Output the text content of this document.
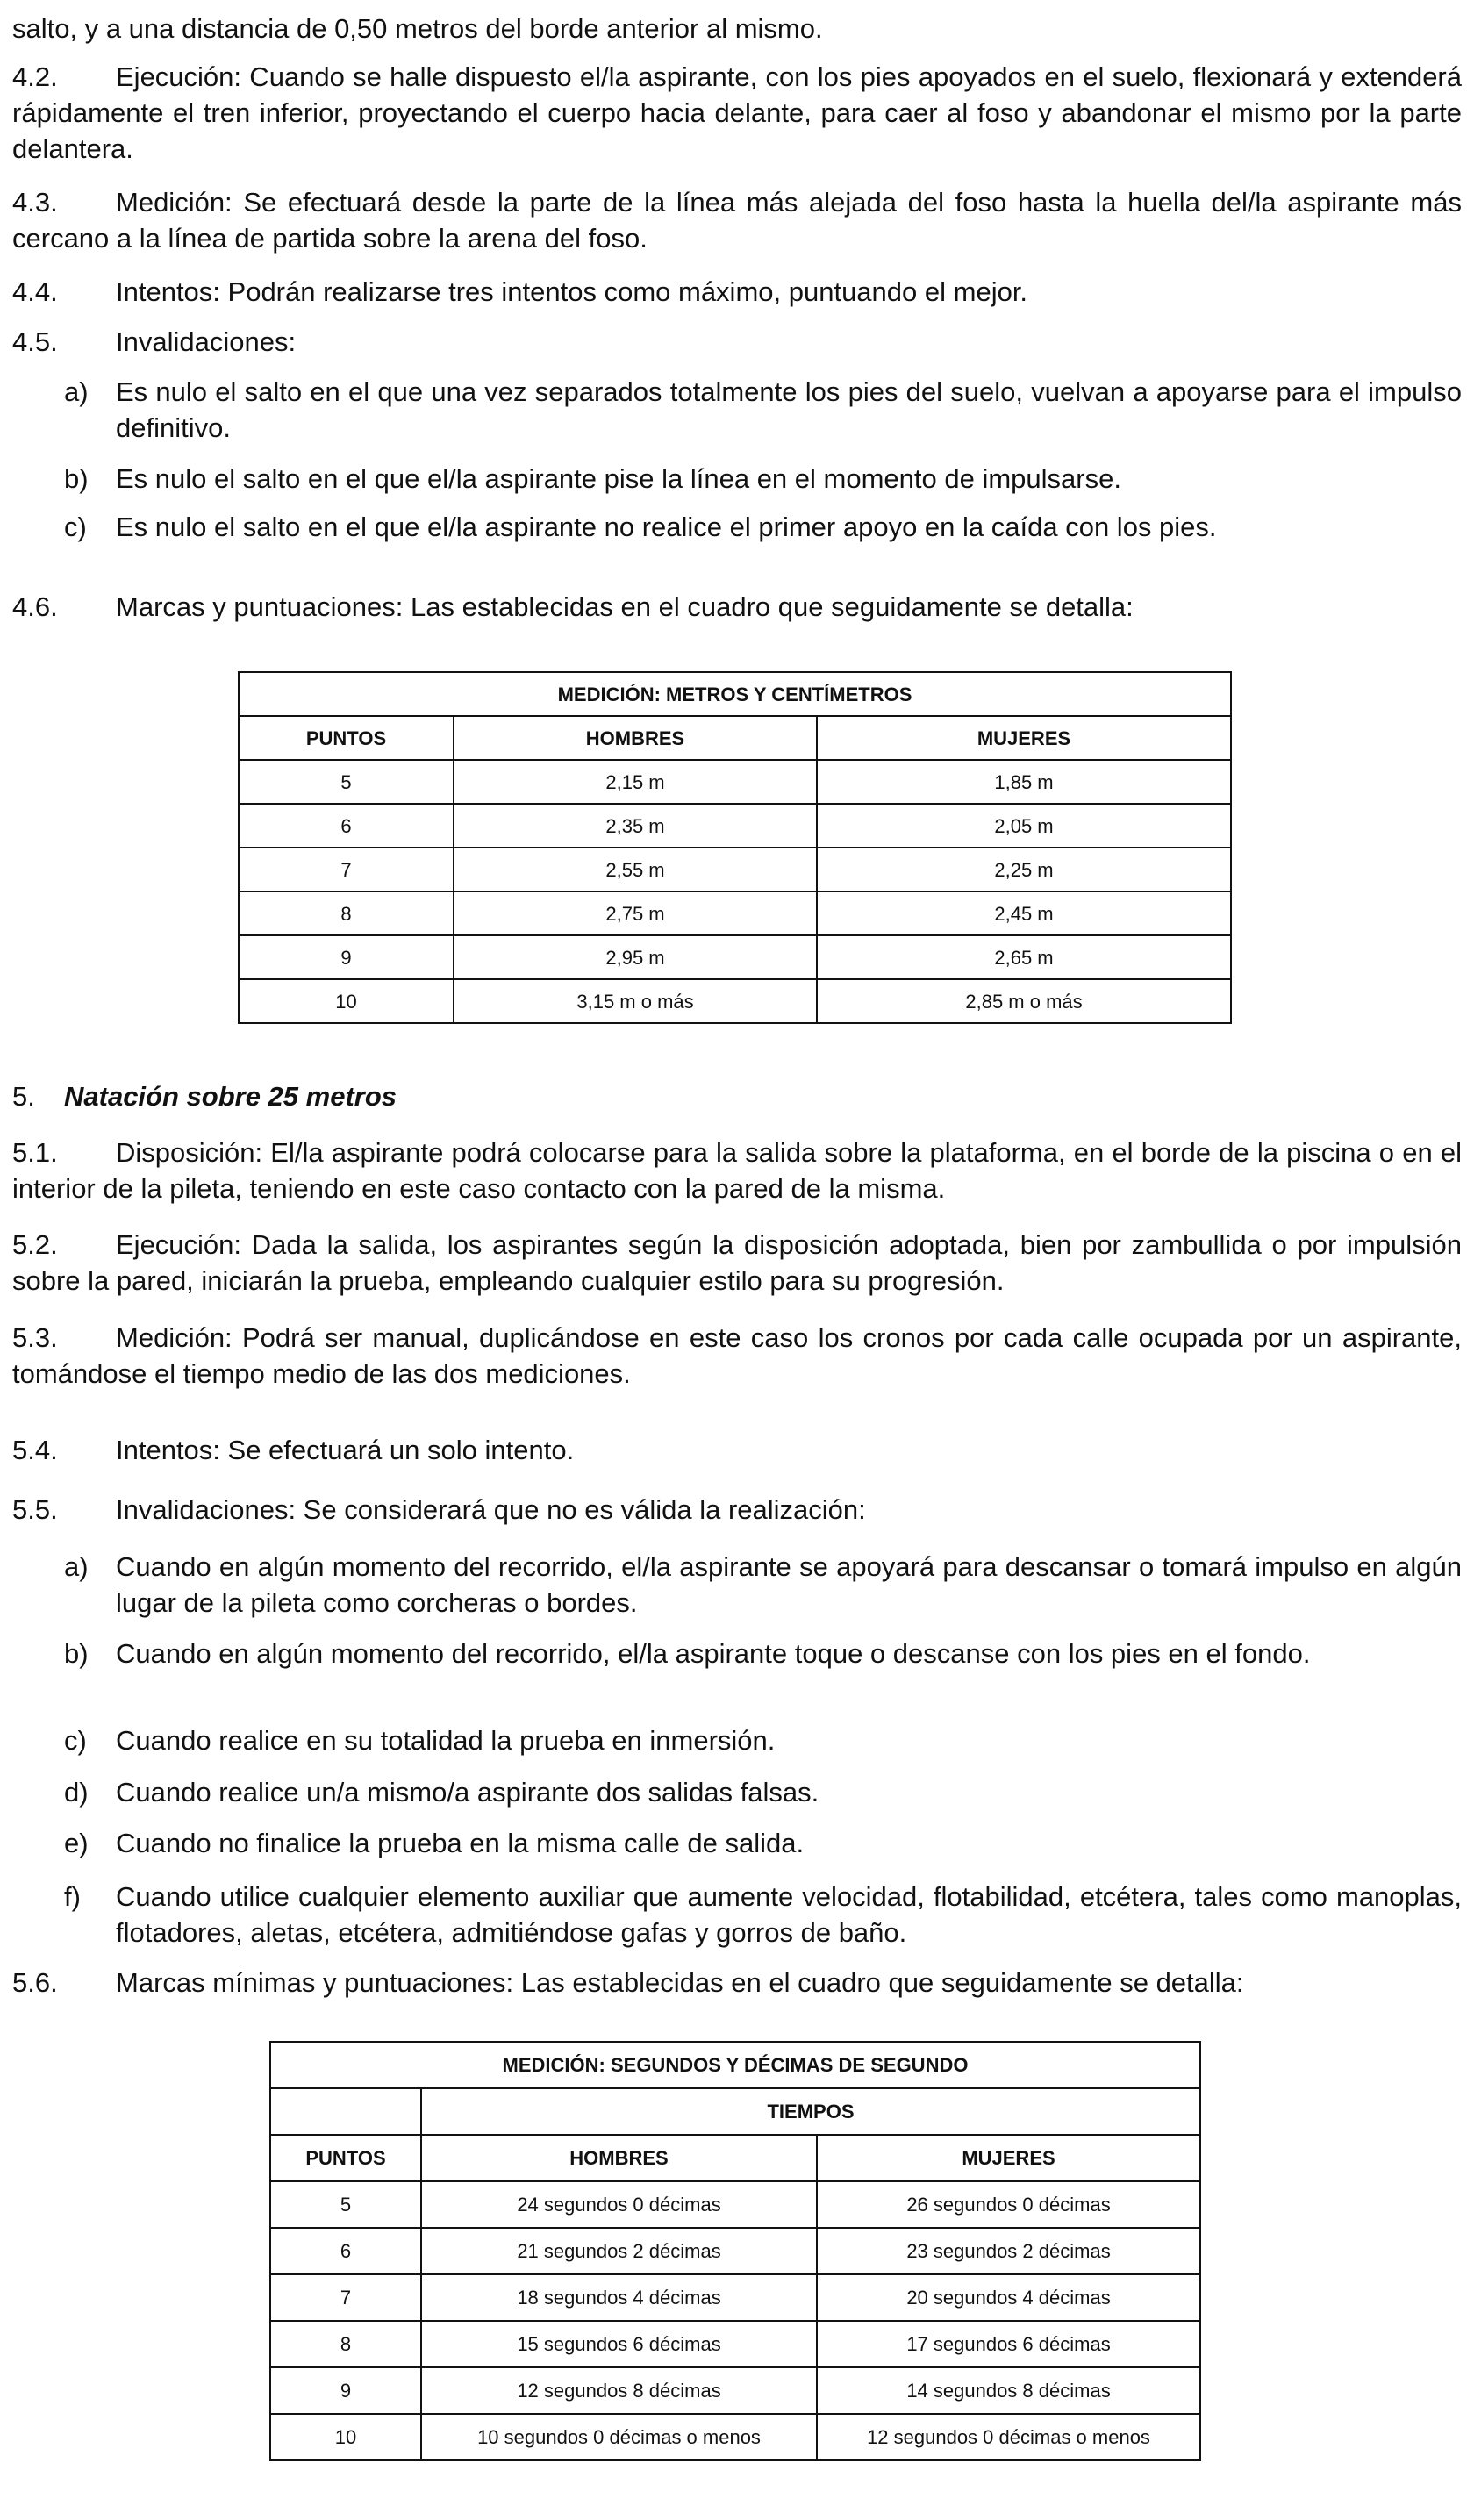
salto, y a una distancia de 0,50 metros del borde anterior al mismo.
4.2. Ejecución: Cuando se halle dispuesto el/la aspirante, con los pies apoyados en el suelo, flexionará y extenderá rápidamente el tren inferior, proyectando el cuerpo hacia delante, para caer al foso y abandonar el mismo por la parte delantera.
4.3. Medición: Se efectuará desde la parte de la línea más alejada del foso hasta la huella del/la aspirante más cercano a la línea de partida sobre la arena del foso.
4.4. Intentos: Podrán realizarse tres intentos como máximo, puntuando el mejor.
4.5. Invalidaciones:
a) Es nulo el salto en el que una vez separados totalmente los pies del suelo, vuelvan a apoyarse para el impulso definitivo.
b) Es nulo el salto en el que el/la aspirante pise la línea en el momento de impulsarse.
c) Es nulo el salto en el que el/la aspirante no realice el primer apoyo en la caída con los pies.
4.6. Marcas y puntuaciones: Las establecidas en el cuadro que seguidamente se detalla:
MEDICIÓN: METROS Y CENTÍMETROS		
PUNTOS	HOMBRES	MUJERES
5	2,15 m	1,85 m
6	2,35 m	2,05 m
7	2,55 m	2,25 m
8	2,75 m	2,45 m
9	2,95 m	2,65 m
10	3,15 m o más	2,85 m o más
5. Natación sobre 25 metros
5.1. Disposición: El/la aspirante podrá colocarse para la salida sobre la plataforma, en el borde de la piscina o en el interior de la pileta, teniendo en este caso contacto con la pared de la misma.
5.2. Ejecución: Dada la salida, los aspirantes según la disposición adoptada, bien por zambullida o por impulsión sobre la pared, iniciarán la prueba, empleando cualquier estilo para su progresión.
5.3. Medición: Podrá ser manual, duplicándose en este caso los cronos por cada calle ocupada por un aspirante, tomándose el tiempo medio de las dos mediciones.
5.4. Intentos: Se efectuará un solo intento.
5.5. Invalidaciones: Se considerará que no es válida la realización:
a) Cuando en algún momento del recorrido, el/la aspirante se apoyará para descansar o tomará impulso en algún lugar de la pileta como corcheras o bordes.
b) Cuando en algún momento del recorrido, el/la aspirante toque o descanse con los pies en el fondo.
c) Cuando realice en su totalidad la prueba en inmersión.
d) Cuando realice un/a mismo/a aspirante dos salidas falsas.
e) Cuando no finalice la prueba en la misma calle de salida.
f) Cuando utilice cualquier elemento auxiliar que aumente velocidad, flotabilidad, etcétera, tales como manoplas, flotadores, aletas, etcétera, admitiéndose gafas y gorros de baño.
5.6. Marcas mínimas y puntuaciones: Las establecidas en el cuadro que seguidamente se detalla:
MEDICIÓN: SEGUNDOS Y DÉCIMAS DE SEGUNDO		
	TIEMPOS	
PUNTOS	HOMBRES	MUJERES
5	24 segundos 0 décimas	26 segundos 0 décimas
6	21 segundos 2 décimas	23 segundos 2 décimas
7	18 segundos 4 décimas	20 segundos 4 décimas
8	15 segundos 6 décimas	17 segundos 6 décimas
9	12 segundos 8 décimas	14 segundos 8 décimas
10	10 segundos 0 décimas o menos	12 segundos 0 décimas o menos
